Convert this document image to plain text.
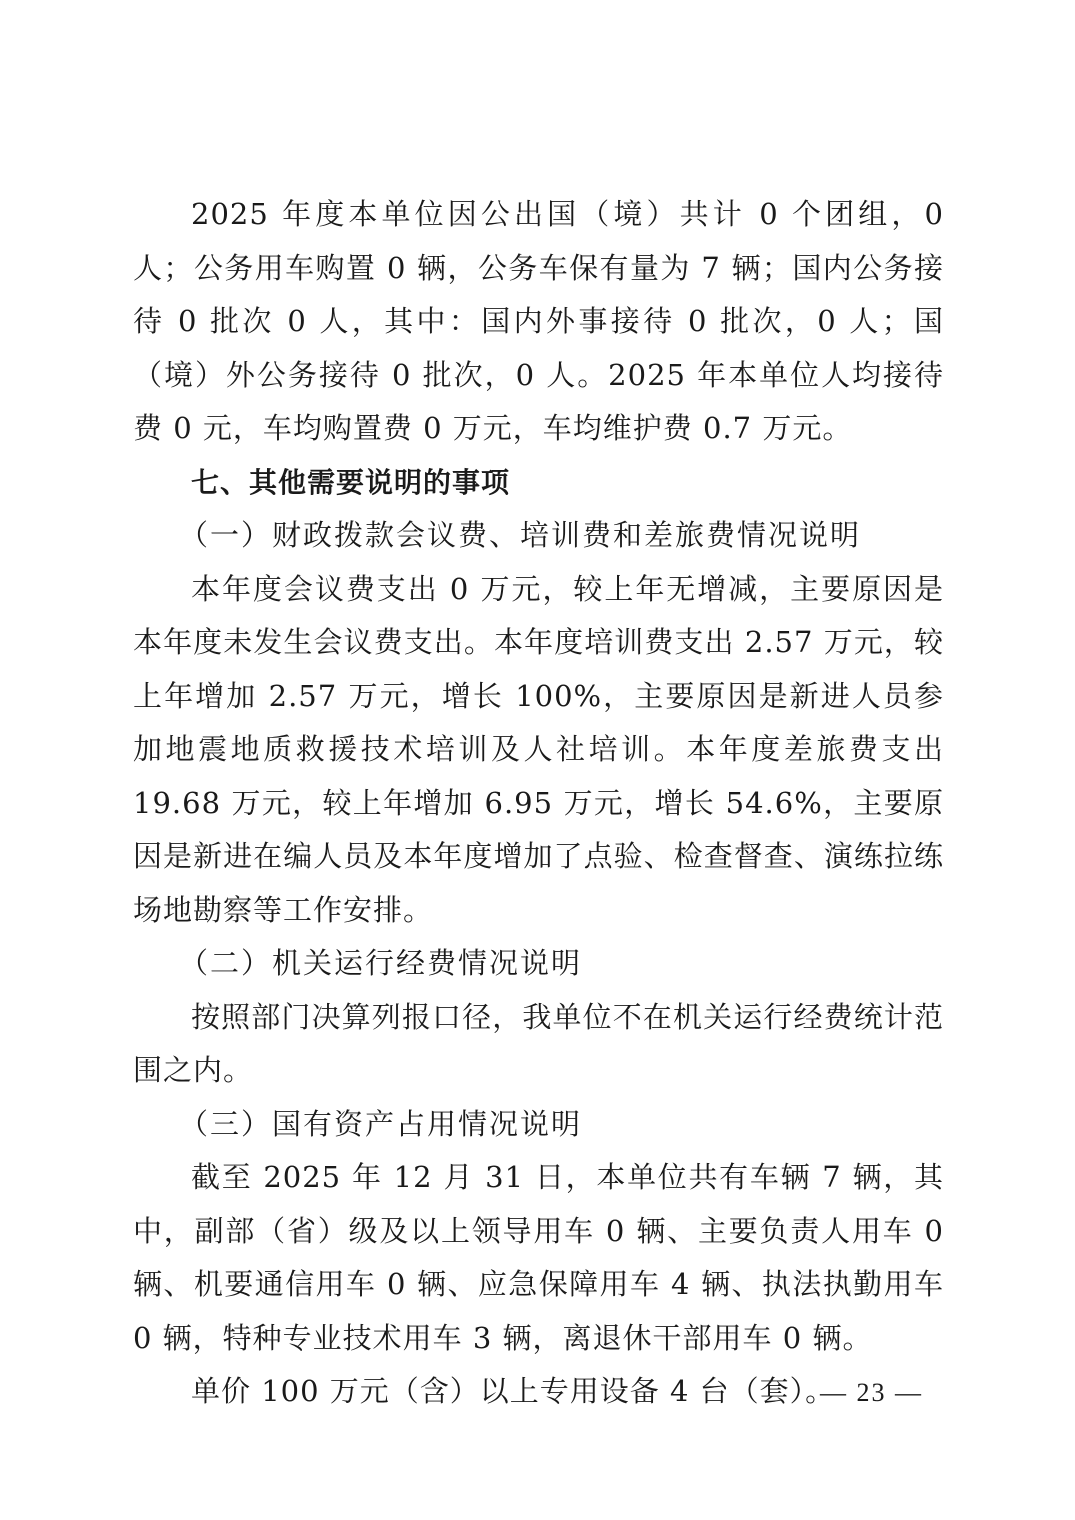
2025 年度本单位因公出国（境）共计 0 个团组，0 人；公务用车购置 0 辆，公务车保有量为 7 辆；国内公务接待 0 批次 0 人，其中：国内外事接待 0 批次，0 人；国（境）外公务接待 0 批次，0 人。2025 年本单位人均接待费 0 元，车均购置费 0 万元，车均维护费 0.7 万元。

七、其他需要说明的事项

（一）财政拨款会议费、培训费和差旅费情况说明

本年度会议费支出 0 万元，较上年无增减，主要原因是本年度未发生会议费支出。本年度培训费支出 2.57 万元，较上年增加 2.57 万元，增长 100%，主要原因是新进人员参加地震地质救援技术培训及人社培训。本年度差旅费支出 19.68 万元，较上年增加 6.95 万元，增长 54.6%，主要原因是新进在编人员及本年度增加了点验、检查督查、演练拉练场地勘察等工作安排。

（二）机关运行经费情况说明

按照部门决算列报口径，我单位不在机关运行经费统计范围之内。

（三）国有资产占用情况说明

截至 2025 年 12 月 31 日，本单位共有车辆 7 辆，其中，副部（省）级及以上领导用车 0 辆、主要负责人用车 0 辆、机要通信用车 0 辆、应急保障用车 4 辆、执法执勤用车 0 辆，特种专业技术用车 3 辆，离退休干部用车 0 辆。

单价 100 万元（含）以上专用设备 4 台（套）。

— 23 —
